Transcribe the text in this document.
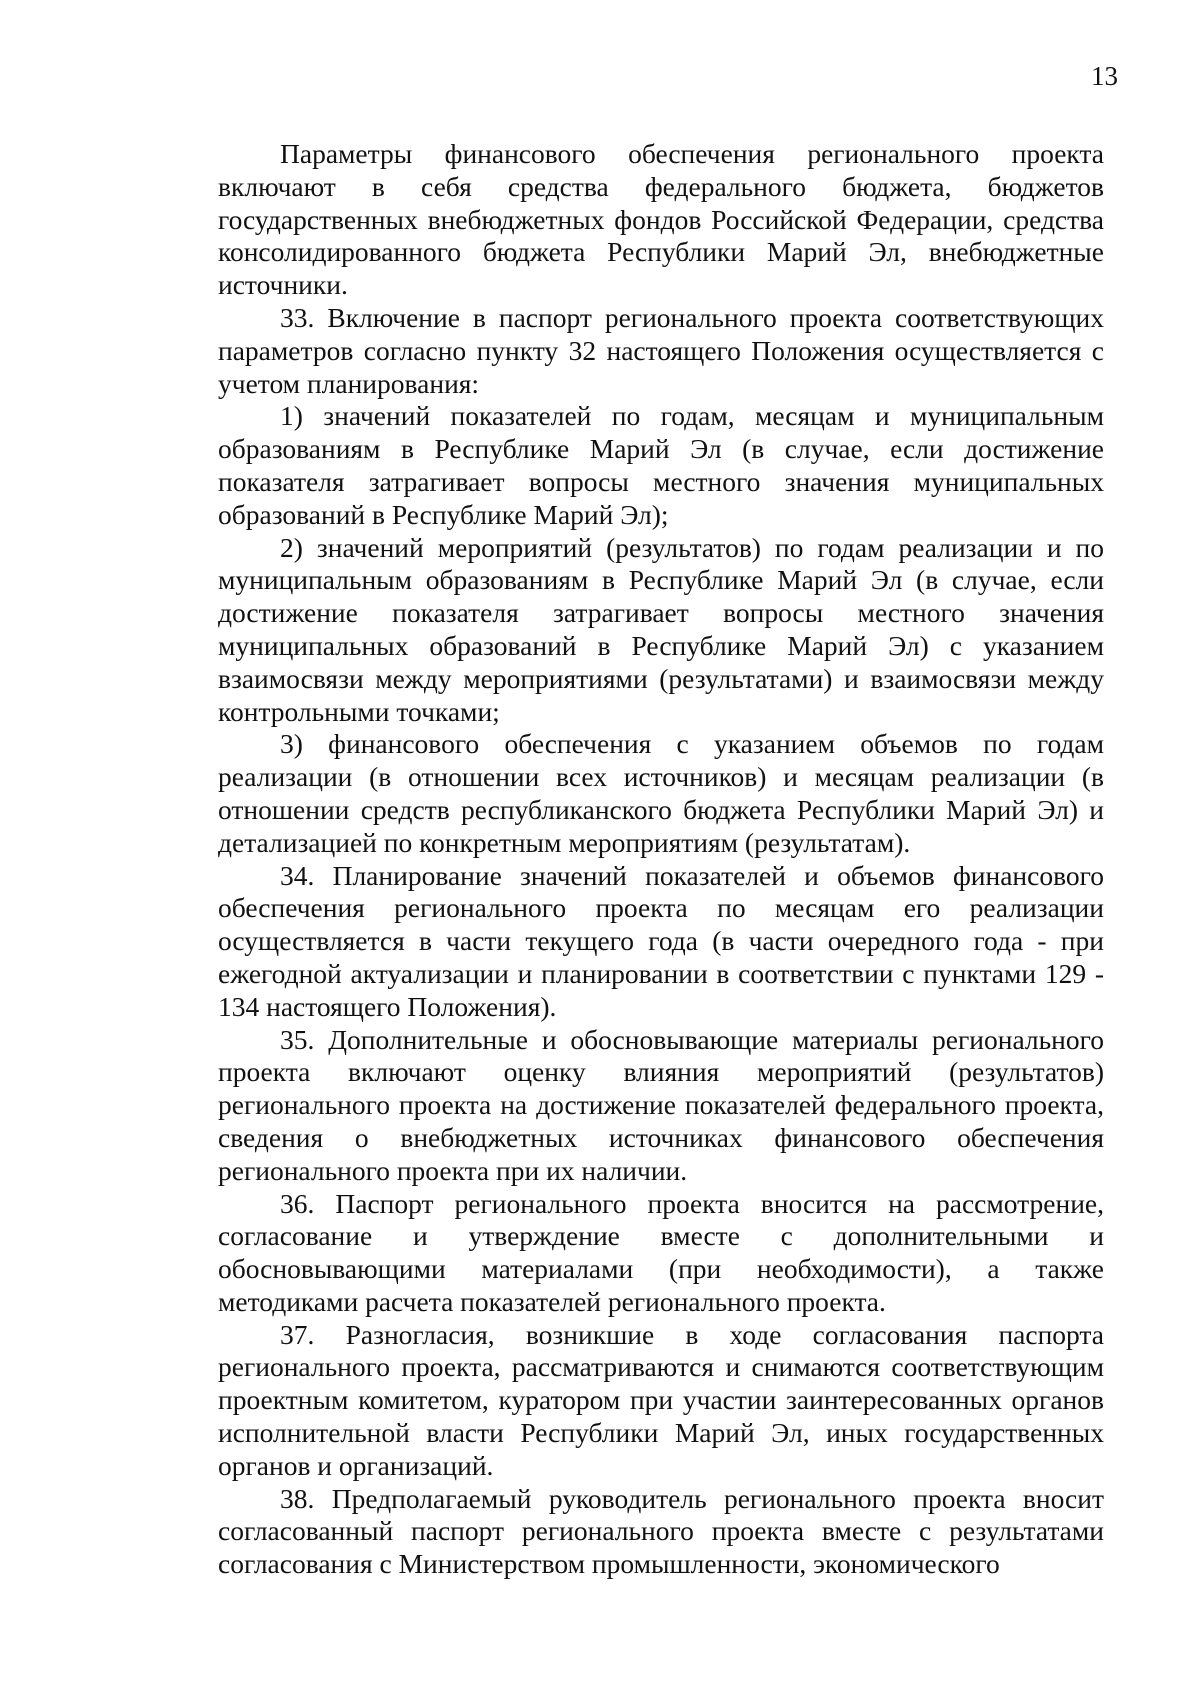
13

Параметры финансового обеспечения регионального проекта включают в себя средства федерального бюджета, бюджетов государственных внебюджетных фондов Российской Федерации, средства консолидированного бюджета Республики Марий Эл, внебюджетные источники.

33. Включение в паспорт регионального проекта соответствующих параметров согласно пункту 32 настоящего Положения осуществляется с учетом планирования:

1) значений показателей по годам, месяцам и муниципальным образованиям в Республике Марий Эл (в случае, если достижение показателя затрагивает вопросы местного значения муниципальных образований в Республике Марий Эл);

2) значений мероприятий (результатов) по годам реализации и по муниципальным образованиям в Республике Марий Эл (в случае, если достижение показателя затрагивает вопросы местного значения муниципальных образований в Республике Марий Эл) с указанием взаимосвязи между мероприятиями (результатами) и взаимосвязи между контрольными точками;

3) финансового обеспечения с указанием объемов по годам реализации (в отношении всех источников) и месяцам реализации (в отношении средств республиканского бюджета Республики Марий Эл) и детализацией по конкретным мероприятиям (результатам).

34. Планирование значений показателей и объемов финансового обеспечения регионального проекта по месяцам его реализации осуществляется в части текущего года (в части очередного года - при ежегодной актуализации и планировании в соответствии с пунктами 129 - 134 настоящего Положения).

35. Дополнительные и обосновывающие материалы регионального проекта включают оценку влияния мероприятий (результатов) регионального проекта на достижение показателей федерального проекта, сведения о внебюджетных источниках финансового обеспечения регионального проекта при их наличии.

36. Паспорт регионального проекта вносится на рассмотрение, согласование и утверждение вместе с дополнительными и обосновывающими материалами (при необходимости), а также методиками расчета показателей регионального проекта.

37. Разногласия, возникшие в ходе согласования паспорта регионального проекта, рассматриваются и снимаются соответствующим проектным комитетом, куратором при участии заинтересованных органов исполнительной власти Республики Марий Эл, иных государственных органов и организаций.

38. Предполагаемый руководитель регионального проекта вносит согласованный паспорт регионального проекта вместе с результатами согласования с Министерством промышленности, экономического
